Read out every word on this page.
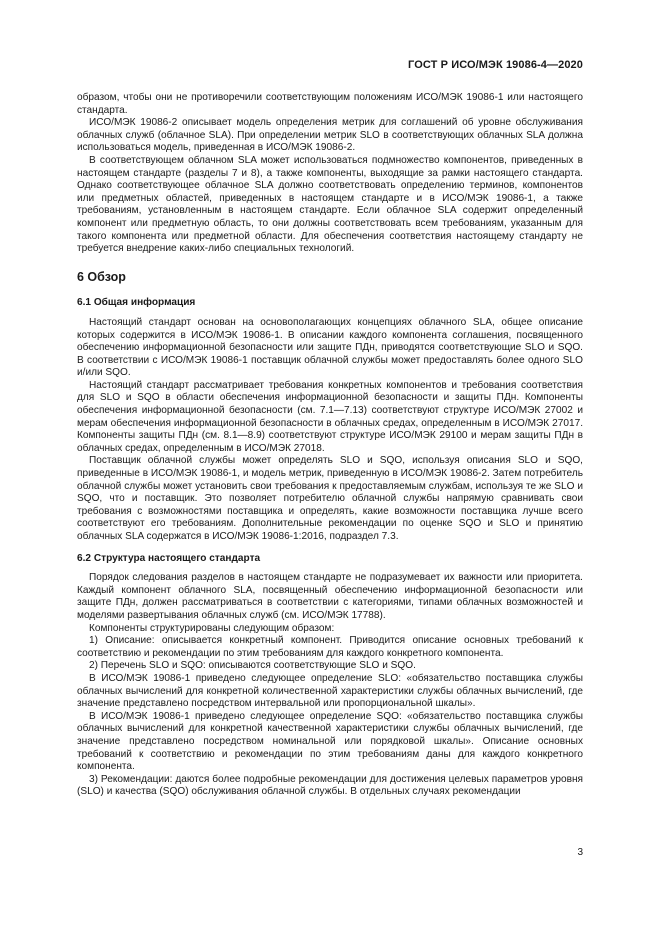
ГОСТ Р ИСО/МЭК 19086-4—2020

образом, чтобы они не противоречили соответствующим положениям ИСО/МЭК 19086-1 или настоящего стандарта.

ИСО/МЭК 19086-2 описывает модель определения метрик для соглашений об уровне обслуживания облачных служб (облачное SLA). При определении метрик SLO в соответствующих облачных SLA должна использоваться модель, приведенная в ИСО/МЭК 19086-2.

В соответствующем облачном SLA может использоваться подмножество компонентов, приведенных в настоящем стандарте (разделы 7 и 8), а также компоненты, выходящие за рамки настоящего стандарта. Однако соответствующее облачное SLA должно соответствовать определению терминов, компонентов или предметных областей, приведенных в настоящем стандарте и в ИСО/МЭК 19086-1, а также требованиям, установленным в настоящем стандарте. Если облачное SLA содержит определенный компонент или предметную область, то они должны соответствовать всем требованиям, указанным для такого компонента или предметной области. Для обеспечения соответствия настоящему стандарту не требуется внедрение каких-либо специальных технологий.

6 Обзор
6.1 Общая информация

Настоящий стандарт основан на основополагающих концепциях облачного SLA, общее описание которых содержится в ИСО/МЭК 19086-1. В описании каждого компонента соглашения, посвященного обеспечению информационной безопасности или защите ПДн, приводятся соответствующие SLO и SQO. В соответствии с ИСО/МЭК 19086-1 поставщик облачной службы может предоставлять более одного SLO и/или SQO.

Настоящий стандарт рассматривает требования конкретных компонентов и требования соответствия для SLO и SQO в области обеспечения информационной безопасности и защиты ПДн. Компоненты обеспечения информационной безопасности (см. 7.1—7.13) соответствуют структуре ИСО/МЭК 27002 и мерам обеспечения информационной безопасности в облачных средах, определенным в ИСО/МЭК 27017. Компоненты защиты ПДн (см. 8.1—8.9) соответствуют структуре ИСО/МЭК 29100 и мерам защиты ПДн в облачных средах, определенным в ИСО/МЭК 27018.

Поставщик облачной службы может определять SLO и SQO, используя описания SLO и SQO, приведенные в ИСО/МЭК 19086-1, и модель метрик, приведенную в ИСО/МЭК 19086-2. Затем потребитель облачной службы может установить свои требования к предоставляемым службам, используя те же SLO и SQO, что и поставщик. Это позволяет потребителю облачной службы напрямую сравнивать свои требования с возможностями поставщика и определять, какие возможности поставщика лучше всего соответствуют его требованиям. Дополнительные рекомендации по оценке SQO и SLO и принятию облачных SLA содержатся в ИСО/МЭК 19086-1:2016, подраздел 7.3.

6.2 Структура настоящего стандарта

Порядок следования разделов в настоящем стандарте не подразумевает их важности или приоритета. Каждый компонент облачного SLA, посвященный обеспечению информационной безопасности или защите ПДн, должен рассматриваться в соответствии с категориями, типами облачных возможностей и моделями развертывания облачных служб (см. ИСО/МЭК 17788).

Компоненты структурированы следующим образом:

1) Описание: описывается конкретный компонент. Приводится описание основных требований к соответствию и рекомендации по этим требованиям для каждого конкретного компонента.

2) Перечень SLO и SQO: описываются соответствующие SLO и SQO.

В ИСО/МЭК 19086-1 приведено следующее определение SLO: «обязательство поставщика службы облачных вычислений для конкретной количественной характеристики службы облачных вычислений, где значение представлено посредством интервальной или пропорциональной шкалы».

В ИСО/МЭК 19086-1 приведено следующее определение SQO: «обязательство поставщика службы облачных вычислений для конкретной качественной характеристики службы облачных вычислений, где значение представлено посредством номинальной или порядковой шкалы». Описание основных требований к соответствию и рекомендации по этим требованиям даны для каждого конкретного компонента.

3) Рекомендации: даются более подробные рекомендации для достижения целевых параметров уровня (SLO) и качества (SQO) обслуживания облачной службы. В отдельных случаях рекомендации

3
